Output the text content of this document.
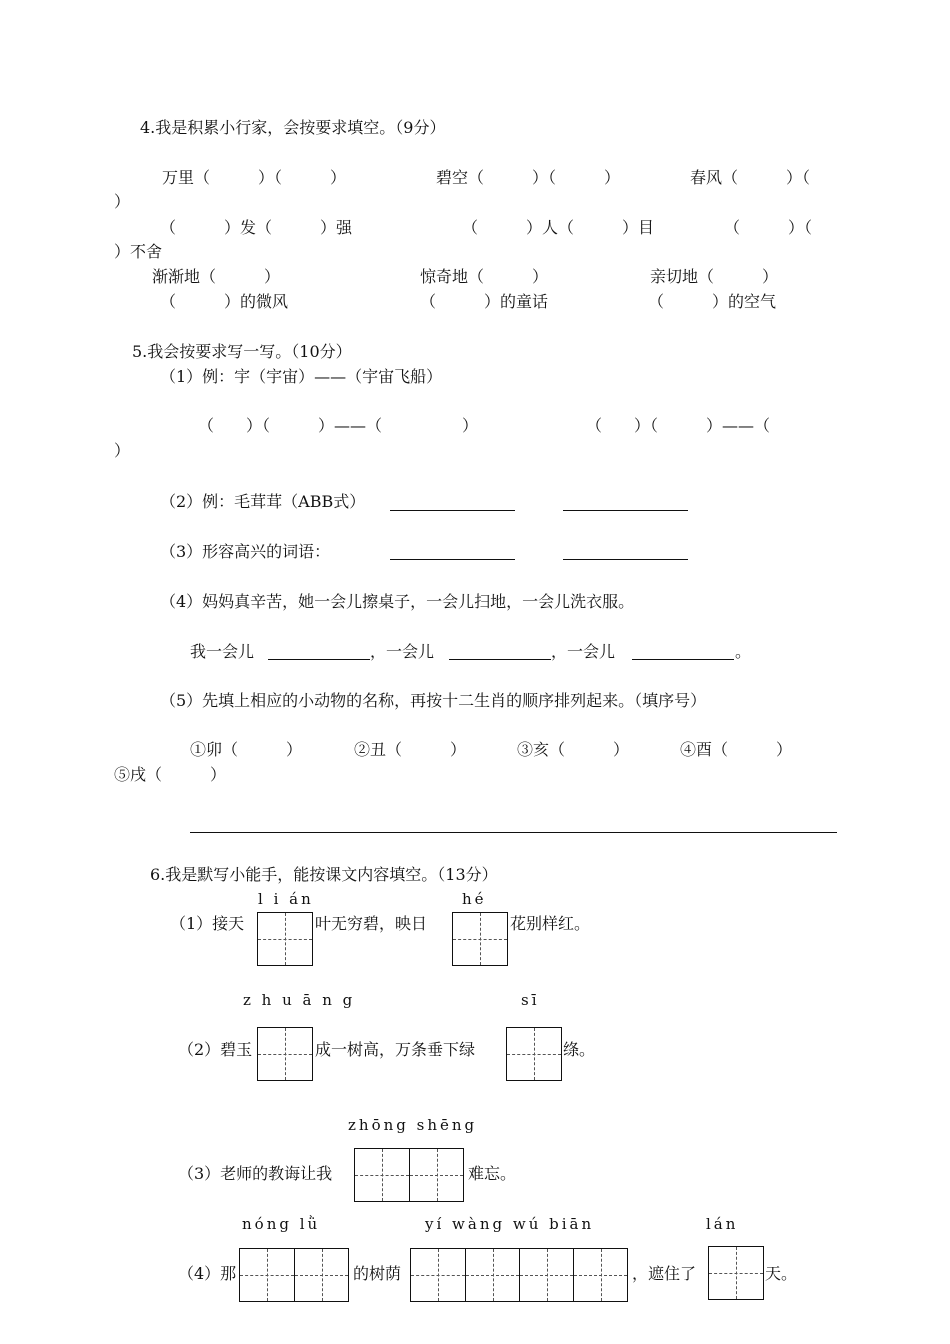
4.我是积累小行家，会按要求填空。（9分）
万里（　　　）（　　　）	碧空（　　　）（　　　）	春风（　　　）（
）
（　　　）发（　　　）强	（　　　）人（　　　）目	（　　　）（
）不舍
渐渐地（　　　）	惊奇地（　　　）	亲切地（　　　）
（　　　）的微风	（　　　）的童话	（　　　）的空气
5.我会按要求写一写。（10分）
（1）例：宇（宇宙）——（宇宙飞船）
（　　）（　　　）——（　　　　　）	（　　）（　　　）——（
）
（2）例：毛茸茸（ABB式）
（3）形容高兴的词语：
（4）妈妈真辛苦，她一会儿擦桌子，一会儿扫地，一会儿洗衣服。
我一会儿	，一会儿	，一会儿	。
（5）先填上相应的小动物的名称，再按十二生肖的顺序排列起来。（填序号）
①卯（　　　）	②丑（　　　）	③亥（　　　）	④酉（　　　）
⑤戌（　　　）
6.我是默写小能手，能按课文内容填空。（13分）
l i án	hé
（1）接天	叶无穷碧，映日	花别样红。
z h u ā n g	sī
（2）碧玉	成一树高，万条垂下绿	绦。
zhōng shēng
（3）老师的教诲让我	难忘。
nóng lǜ	yí wàng wú biān	lán
（4）那	的树荫	，遮住了	天。
